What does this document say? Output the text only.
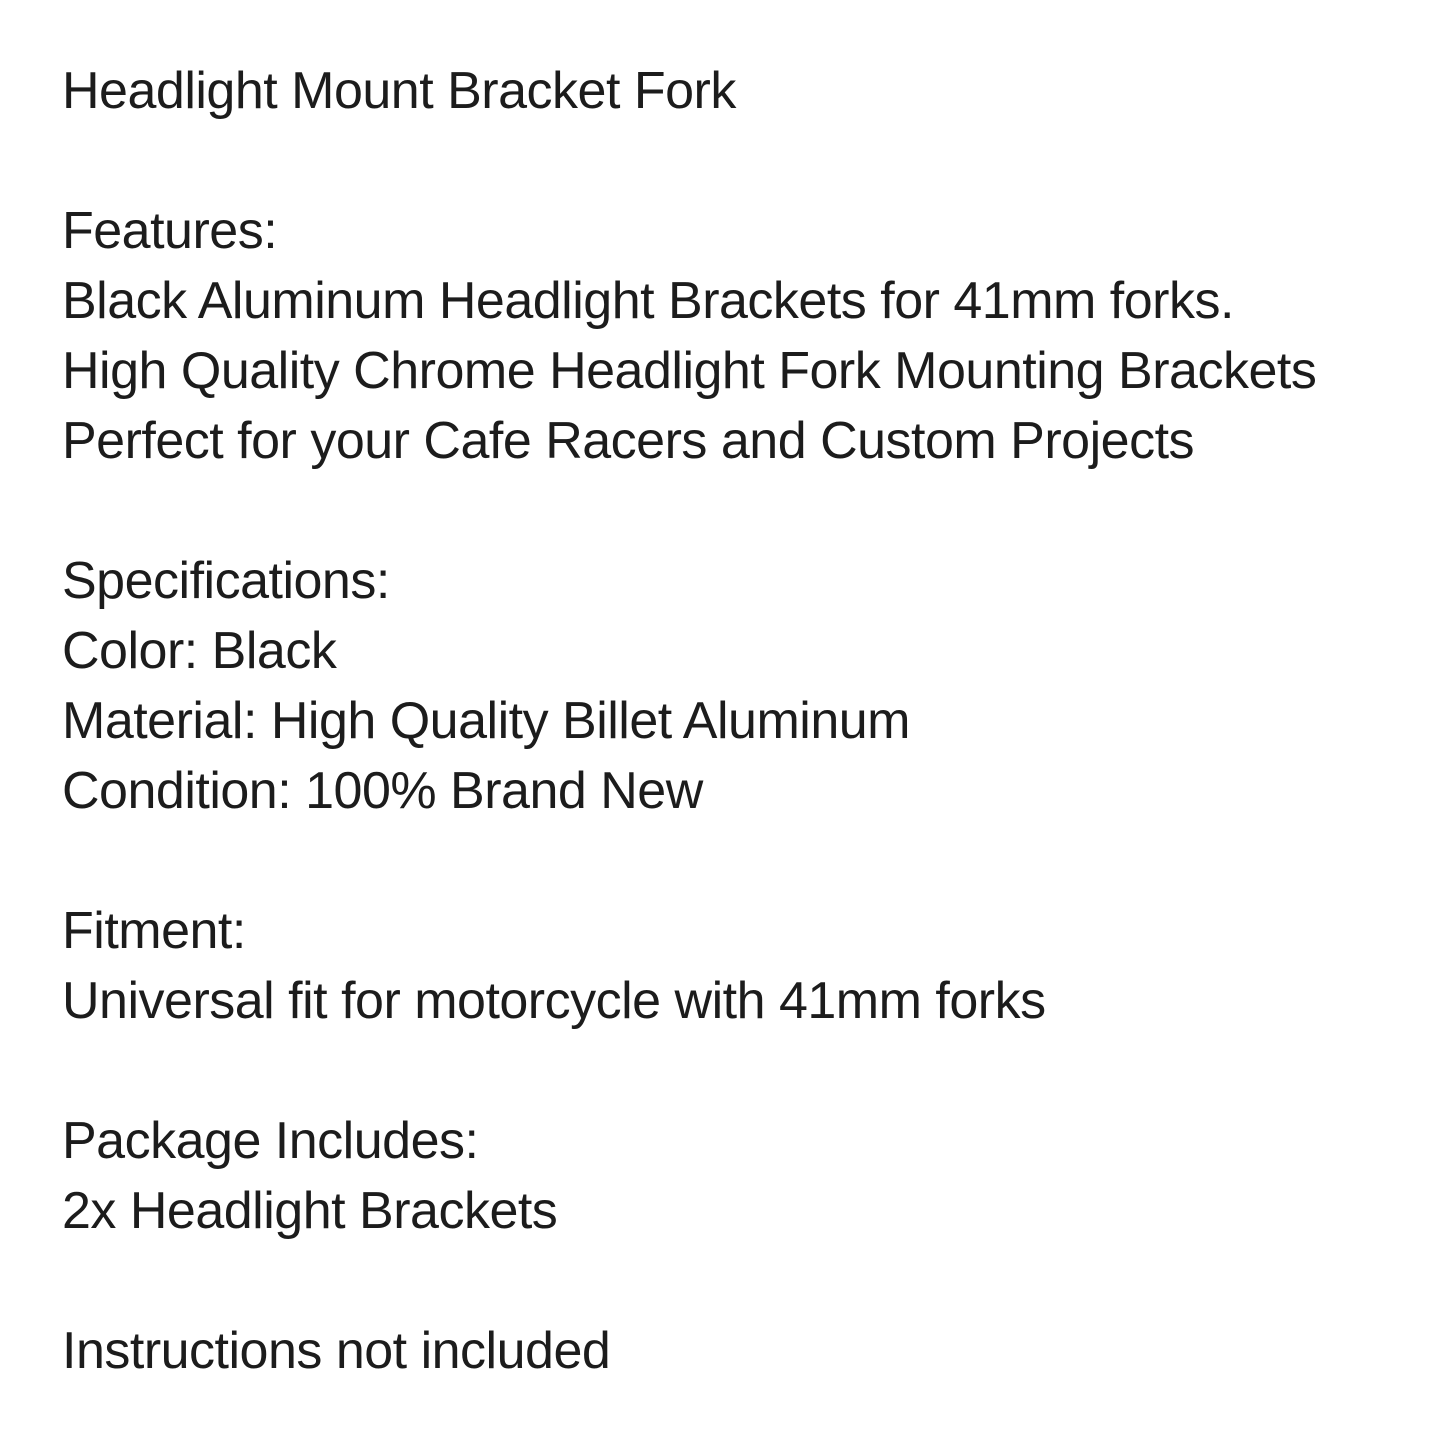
Headlight Mount Bracket Fork

Features:

Black Aluminum Headlight Brackets for 41mm forks.

High Quality Chrome Headlight Fork Mounting Brackets

Perfect for your Cafe Racers and Custom Projects

Specifications:

Color: Black

Material: High Quality Billet Aluminum

Condition: 100% Brand New

Fitment:

Universal fit for motorcycle with 41mm forks

Package Includes:

2x Headlight Brackets

Instructions not included
